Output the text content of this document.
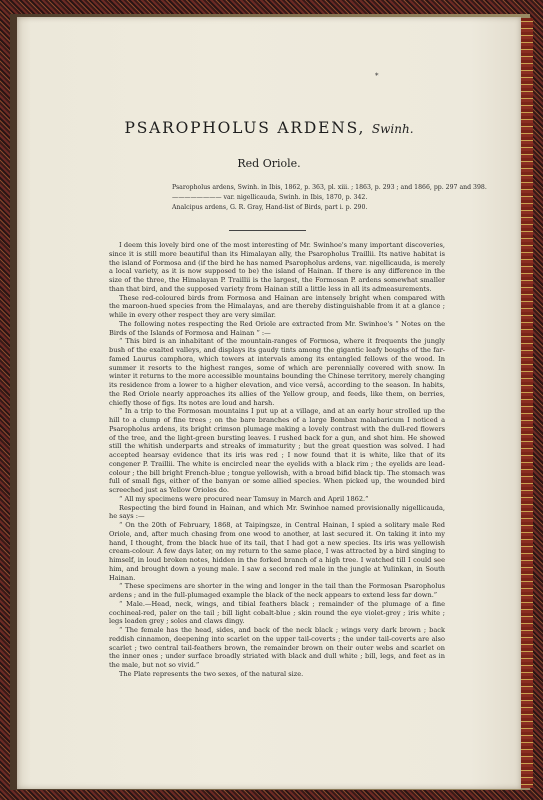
*
PSAROPHOLUS ARDENS, Swinh.
Red Oriole.
Psaropholus ardens, Swinh. in Ibis, 1862, p. 363, pl. xiii. ; 1863, p. 293 ; and 1866, pp. 297 and 398.
———————— var. nigellicauda, Swinh. in Ibis, 1870, p. 342.
Analcipus ardens, G. R. Gray, Hand-list of Birds, part i. p. 290.

I deem this lovely bird one of the most interesting of Mr. Swinhoe's many important discoveries, since it is still more beautiful than its Himalayan ally, the Psaropholus Traillii. Its native habitat is the island of Formosa and (if the bird he has named Psaropholus ardens, var. nigellicauda, is merely a local variety, as it is now supposed to be) the island of Hainan. If there is any difference in the size of the three, the Himalayan P. Traillii is the largest, the Formosan P. ardens somewhat smaller than that bird, and the supposed variety from Hainan still a little less in all its admeasurements.

These red-coloured birds from Formosa and Hainan are intensely bright when compared with the maroon-hued species from the Himalayas, and are thereby distinguishable from it at a glance ; while in every other respect they are very similar.

The following notes respecting the Red Oriole are extracted from Mr. Swinhoe's “ Notes on the Birds of the Islands of Formosa and Hainan ” :—

“ This bird is an inhabitant of the mountain-ranges of Formosa, where it frequents the jungly bush of the exalted valleys, and displays its gaudy tints among the gigantic leafy boughs of the far-famed Laurus camphora, which towers at intervals among its entangled fellows of the wood. In summer it resorts to the highest ranges, some of which are perennially covered with snow. In winter it returns to the more accessible mountains bounding the Chinese territory, merely changing its residence from a lower to a higher elevation, and vice versâ, according to the season. In habits, the Red Oriole nearly approaches its allies of the Yellow group, and feeds, like them, on berries, chiefly those of figs. Its notes are loud and harsh.

“ In a trip to the Formosan mountains I put up at a village, and at an early hour strolled up the hill to a clump of fine trees ; on the bare branches of a large Bombax malabaricum I noticed a Psaropholus ardens, its bright crimson plumage making a lovely contrast with the dull-red flowers of the tree, and the light-green bursting leaves. I rushed back for a gun, and shot him. He showed still the whitish underparts and streaks of immaturity ; but the great question was solved. I had accepted hearsay evidence that its iris was red ; I now found that it is white, like that of its congener P. Traillii. The white is encircled near the eyelids with a black rim ; the eyelids are lead-colour ; the bill bright French-blue ; tongue yellowish, with a broad bifid black tip. The stomach was full of small figs, either of the banyan or some allied species. When picked up, the wounded bird screeched just as Yellow Orioles do.

“ All my specimens were procured near Tamsuy in March and April 1862.”

Respecting the bird found in Hainan, and which Mr. Swinhoe named provisionally nigellicauda, he says :—

“ On the 20th of February, 1868, at Taipingsze, in Central Hainan, I spied a solitary male Red Oriole, and, after much chasing from one wood to another, at last secured it. On taking it into my hand, I thought, from the black hue of its tail, that I had got a new species. Its iris was yellowish cream-colour. A few days later, on my return to the same place, I was attracted by a bird singing to himself, in loud broken notes, hidden in the forked branch of a high tree. I watched till I could see him, and brought down a young male. I saw a second red male in the jungle at Yulinkan, in South Hainan.

“ These specimens are shorter in the wing and longer in the tail than the Formosan Psaropholus ardens ; and in the full-plumaged example the black of the neck appears to extend less far down.”

“ Male.—Head, neck, wings, and tibial feathers black ; remainder of the plumage of a fine cochineal-red, paler on the tail ; bill light cobalt-blue ; skin round the eye violet-grey ; iris white ; legs leaden grey ; soles and claws dingy.

“ The female has the head, sides, and back of the neck black ; wings very dark brown ; back reddish cinnamon, deepening into scarlet on the upper tail-coverts ; the under tail-coverts are also scarlet ; two central tail-feathers brown, the remainder brown on their outer webs and scarlet on the inner ones ; under surface broadly striated with black and dull white ; bill, legs, and feet as in the male, but not so vivid.”

The Plate represents the two sexes, of the natural size.
